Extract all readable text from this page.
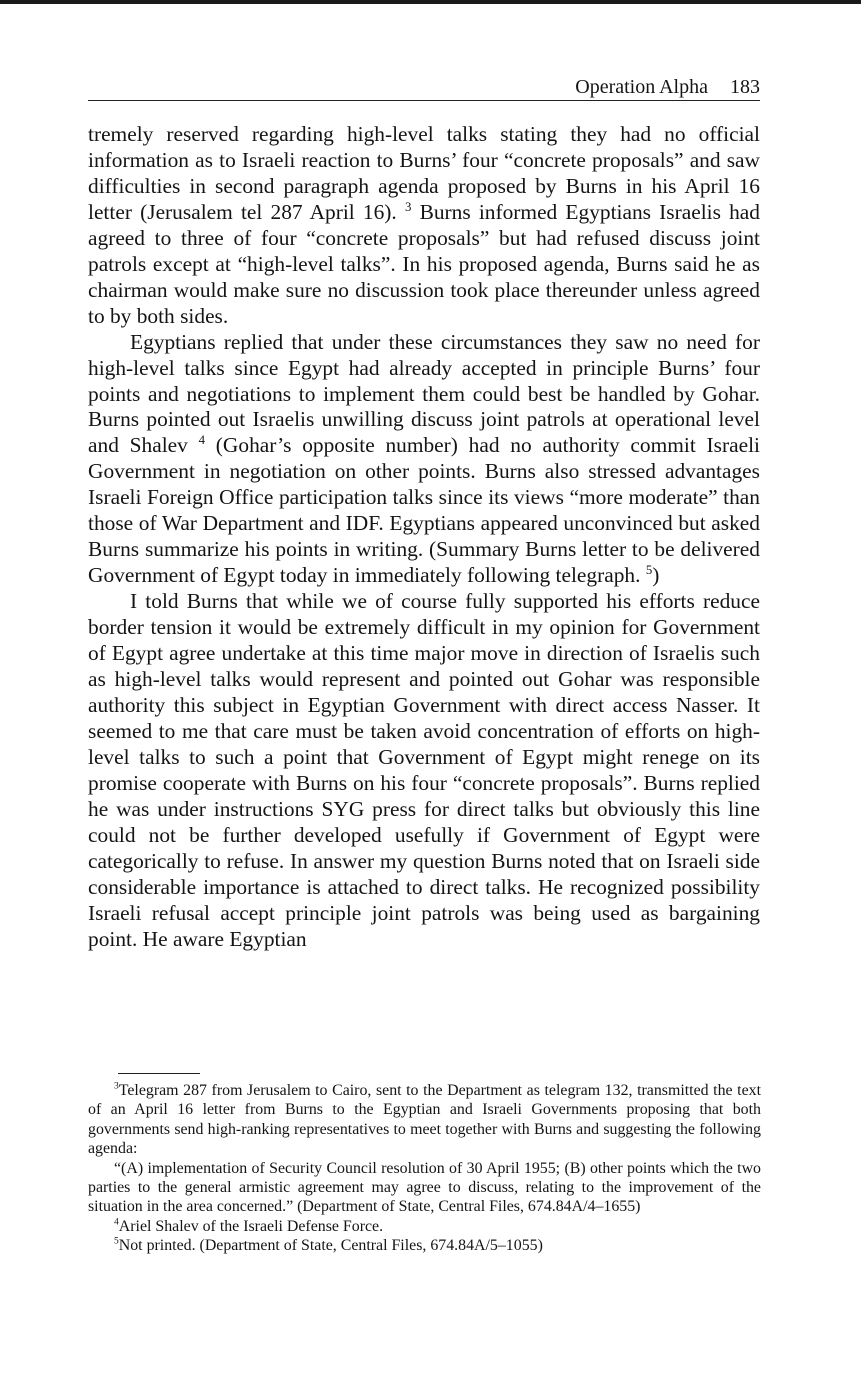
Operation Alpha 183

tremely reserved regarding high-level talks stating they had no official information as to Israeli reaction to Burns’ four “concrete proposals” and saw difficulties in second paragraph agenda proposed by Burns in his April 16 letter (Jerusalem tel 287 April 16). $^3$ Burns informed Egyptians Israelis had agreed to three of four “concrete proposals” but had refused discuss joint patrols except at “high-level talks”. In his proposed agenda, Burns said he as chairman would make sure no discussion took place thereunder unless agreed to by both sides.

Egyptians replied that under these circumstances they saw no need for high-level talks since Egypt had already accepted in principle Burns’ four points and negotiations to implement them could best be handled by Gohar. Burns pointed out Israelis unwilling discuss joint patrols at operational level and Shalev $^4$ (Gohar’s opposite number) had no authority commit Israeli Government in negotiation on other points. Burns also stressed advantages Israeli Foreign Office participation talks since its views “more moderate” than those of War Department and IDF. Egyptians appeared unconvinced but asked Burns summarize his points in writing. (Summary Burns letter to be delivered Government of Egypt today in immediately following telegraph. $^5$)

I told Burns that while we of course fully supported his efforts reduce border tension it would be extremely difficult in my opinion for Government of Egypt agree undertake at this time major move in direction of Israelis such as high-level talks would represent and pointed out Gohar was responsible authority this subject in Egyptian Government with direct access Nasser. It seemed to me that care must be taken avoid concentration of efforts on high-level talks to such a point that Government of Egypt might renege on its promise cooperate with Burns on his four “concrete proposals”. Burns replied he was under instructions SYG press for direct talks but obviously this line could not be further developed usefully if Government of Egypt were categorically to refuse. In answer my question Burns noted that on Israeli side considerable importance is attached to direct talks. He recognized possibility Israeli refusal accept principle joint patrols was being used as bargaining point. He aware Egyptian

$^3$Telegram 287 from Jerusalem to Cairo, sent to the Department as telegram 132, transmitted the text of an April 16 letter from Burns to the Egyptian and Israeli Governments proposing that both governments send high-ranking representatives to meet together with Burns and suggesting the following agenda:

“(A) implementation of Security Council resolution of 30 April 1955; (B) other points which the two parties to the general armistic agreement may agree to discuss, relating to the improvement of the situation in the area concerned.” (Department of State, Central Files, 674.84A/4–1655)

$^4$Ariel Shalev of the Israeli Defense Force.

$^5$Not printed. (Department of State, Central Files, 674.84A/5–1055)
